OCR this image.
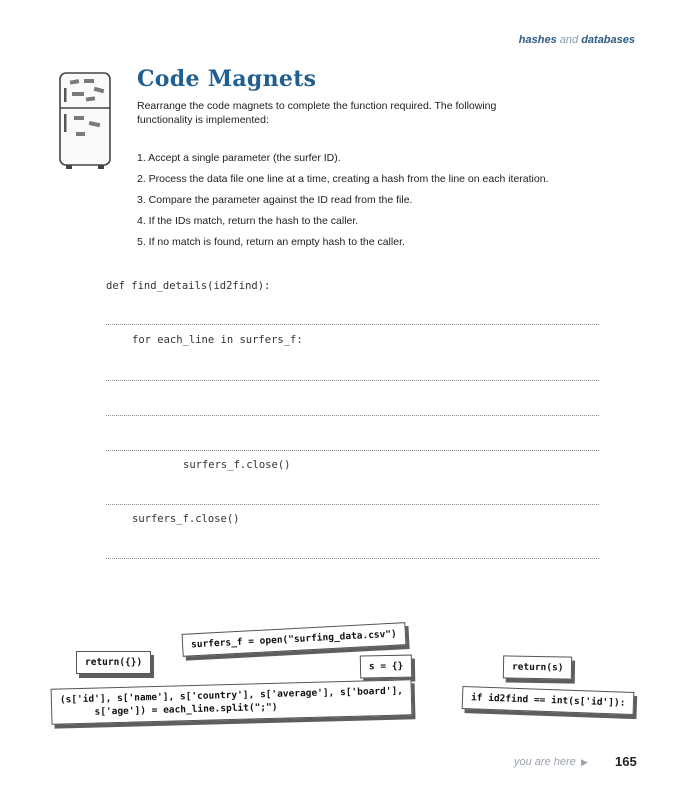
hashes and databases
Code Magnets
Rearrange the code magnets to complete the function required. The following functionality is implemented:
1. Accept a single parameter (the surfer ID).
2. Process the data file one line at a time, creating a hash from the line on each iteration.
3. Compare the parameter against the ID read from the file.
4. If the IDs match, return the hash to the caller.
5. If no match is found, return an empty hash to the caller.
def find_details(id2find):
for each_line in surfers_f:
surfers_f.close()
surfers_f.close()
surfers_f = open("surfing_data.csv")
return({})	s = {}	return(s)
(s['id'], s['name'], s['country'], s['average'], s['board'],
s['age']) = each_line.split(";")
if id2find == int(s['id']):
you are here ▶ 165
